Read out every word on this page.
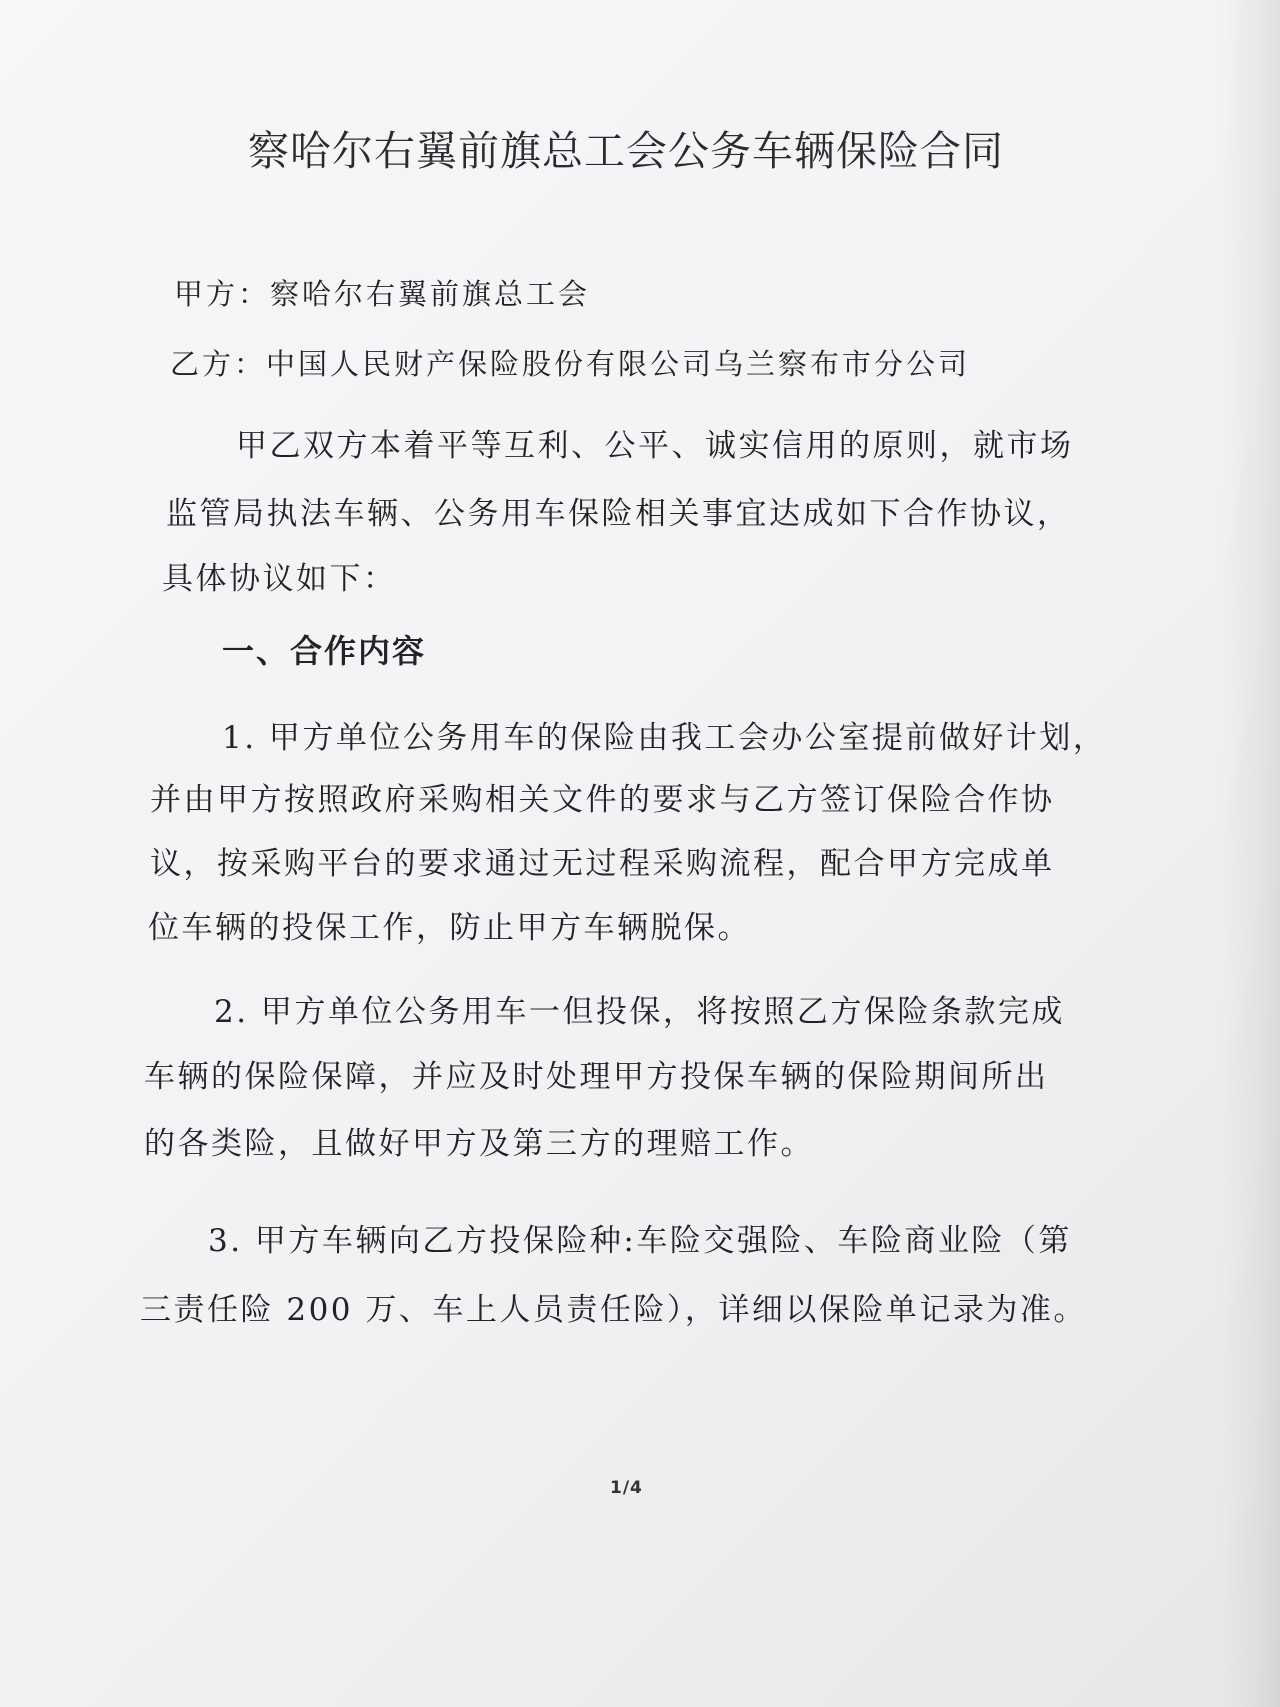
察哈尔右翼前旗总工会公务车辆保险合同
甲方：察哈尔右翼前旗总工会
乙方：中国人民财产保险股份有限公司乌兰察布市分公司
甲乙双方本着平等互利、公平、诚实信用的原则，就市场
监管局执法车辆、公务用车保险相关事宜达成如下合作协议，
具体协议如下：
一、合作内容
1. 甲方单位公务用车的保险由我工会办公室提前做好计划，
并由甲方按照政府采购相关文件的要求与乙方签订保险合作协
议，按采购平台的要求通过无过程采购流程，配合甲方完成单
位车辆的投保工作，防止甲方车辆脱保。
2. 甲方单位公务用车一但投保，将按照乙方保险条款完成
车辆的保险保障，并应及时处理甲方投保车辆的保险期间所出
的各类险，且做好甲方及第三方的理赔工作。
3. 甲方车辆向乙方投保险种:车险交强险、车险商业险（第
三责任险 200 万、车上人员责任险），详细以保险单记录为准。
1/4
